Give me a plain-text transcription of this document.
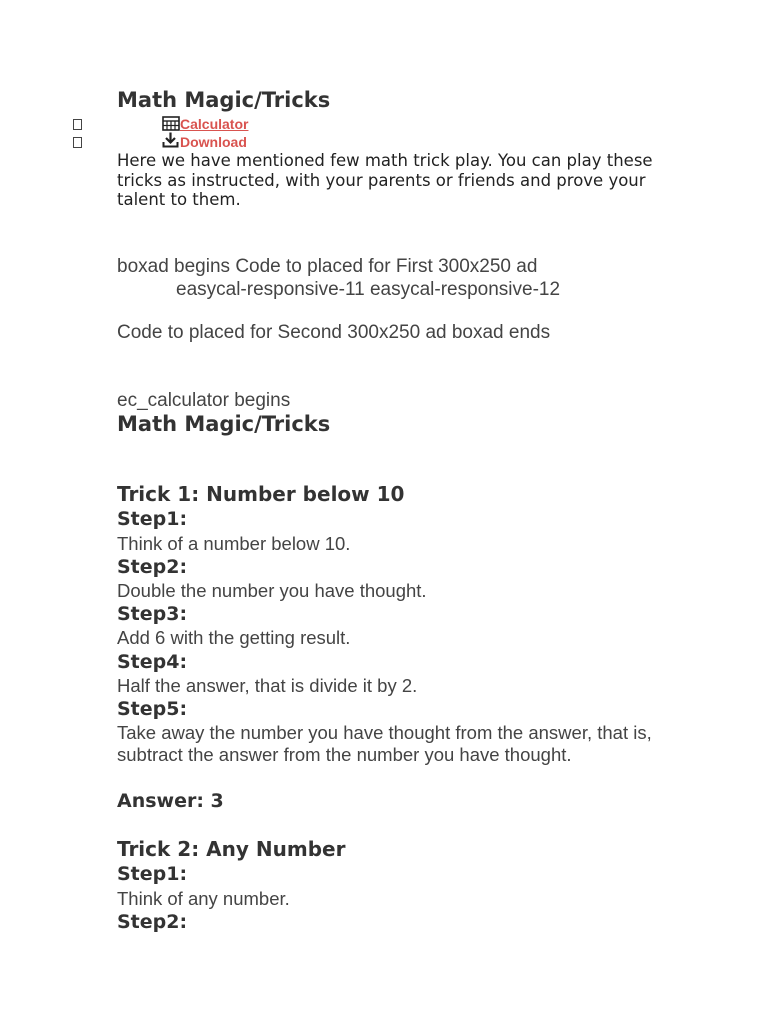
Math Magic/Tricks
Calculator
Download
Here we have mentioned few math trick play. You can play these tricks as instructed, with your parents or friends and prove your talent to them.
boxad begins Code to placed for First 300x250 ad
easycal-responsive-11 easycal-responsive-12
Code to placed for Second 300x250 ad boxad ends
ec_calculator begins
Math Magic/Tricks
Trick 1: Number below 10
Step1:
Think of a number below 10.
Step2:
Double the number you have thought.
Step3:
Add 6 with the getting result.
Step4:
Half the answer, that is divide it by 2.
Step5:
Take away the number you have thought from the answer, that is, subtract the answer from the number you have thought.
Answer: 3
Trick 2: Any Number
Step1:
Think of any number.
Step2:
